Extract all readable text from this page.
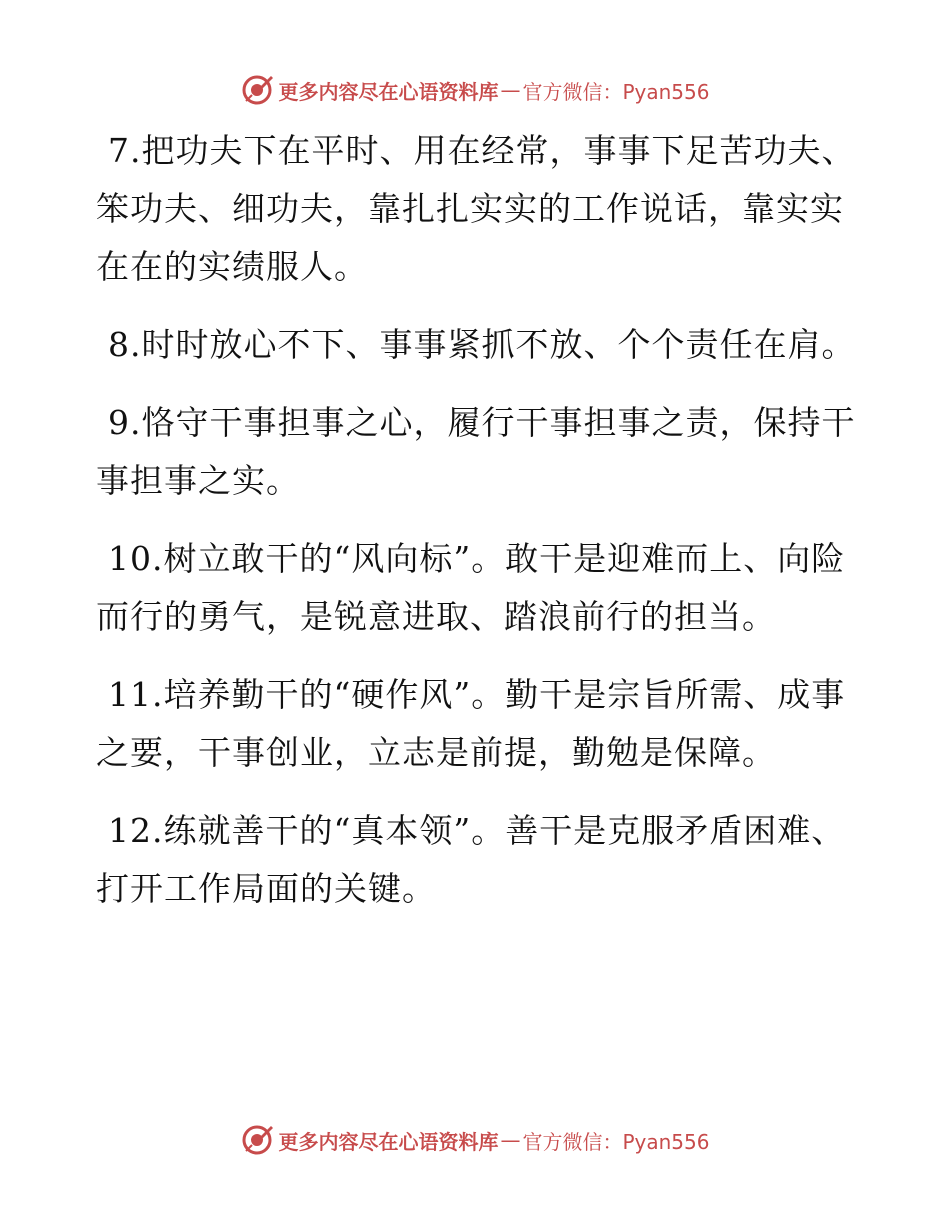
更多内容尽在心语资料库 — 官方微信：Pyan556

7.把功夫下在平时、用在经常，事事下足苦功夫、笨功夫、细功夫，靠扎扎实实的工作说话，靠实实在在的实绩服人。

8.时时放心不下、事事紧抓不放、个个责任在肩。

9.恪守干事担事之心，履行干事担事之责，保持干事担事之实。

10.树立敢干的“风向标”。敢干是迎难而上、向险而行的勇气，是锐意进取、踏浪前行的担当。

11.培养勤干的“硬作风”。勤干是宗旨所需、成事之要，干事创业，立志是前提，勤勉是保障。

12.练就善干的“真本领”。善干是克服矛盾困难、打开工作局面的关键。

更多内容尽在心语资料库 — 官方微信：Pyan556
